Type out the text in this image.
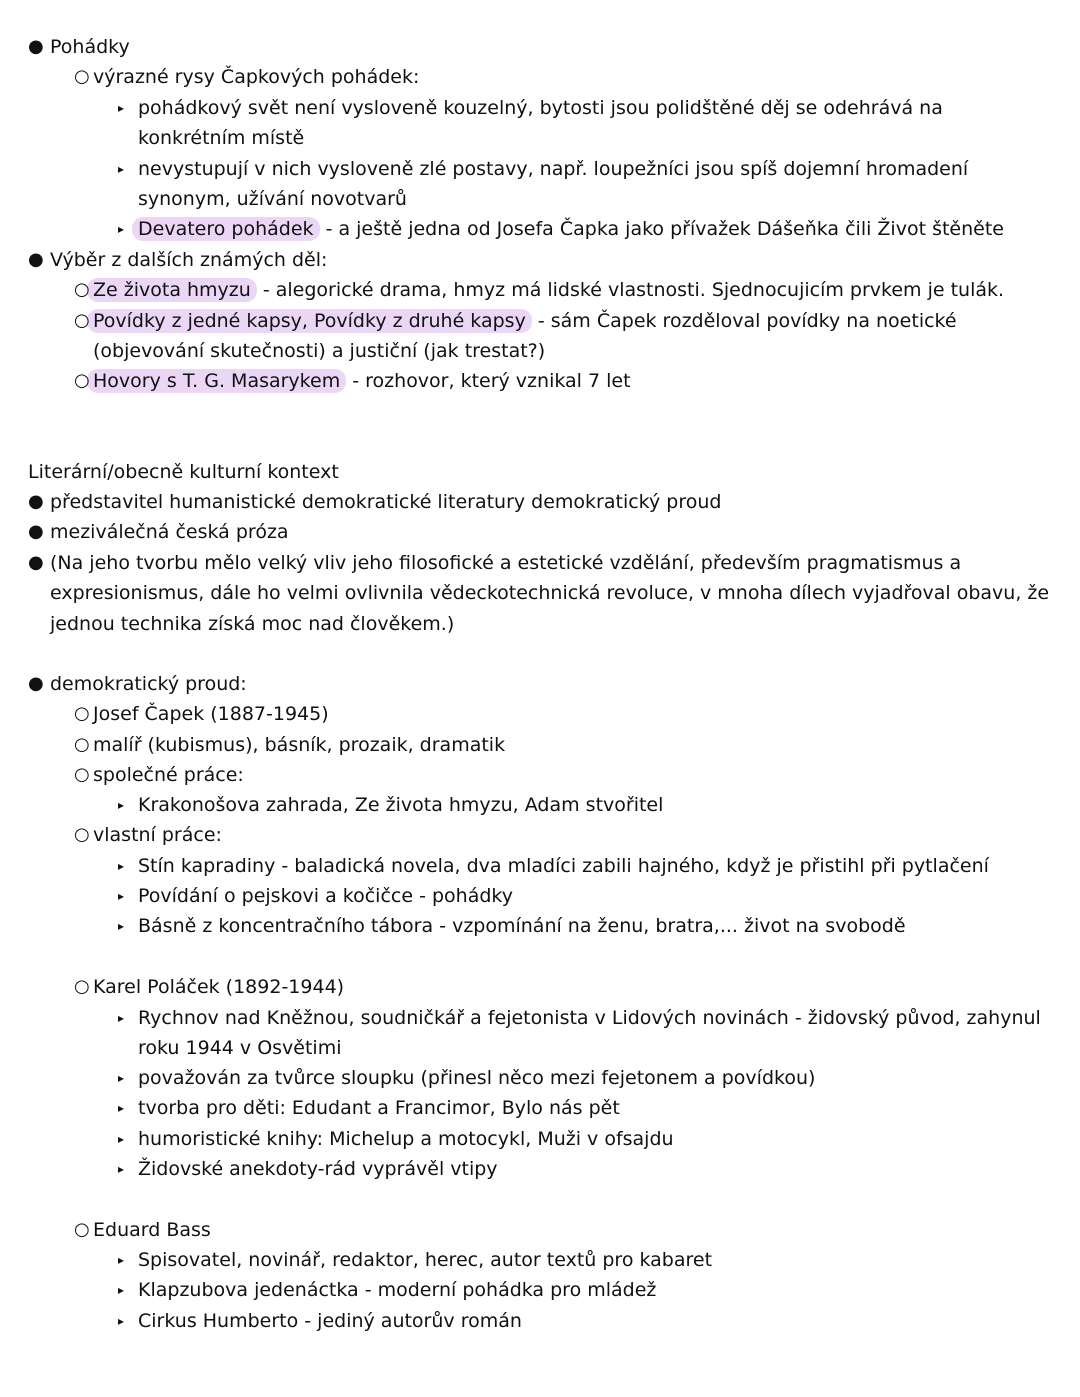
● Pohádky
○ výrazné rysy Čapkových pohádek:
▸ pohádkový svět není vysloveně kouzelný, bytosti jsou polidštěné děj se odehrává na
konkrétním místě
▸ nevystupují v nich vysloveně zlé postavy, např. loupežníci jsou spíš dojemní hromadení
synonym, užívání novotvarů
▸ Devatero pohádek - a ještě jedna od Josefa Čapka jako přívažek Dášeňka čili Život štěněte
● Výběr z dalších známých děl:
○ Ze života hmyzu - alegorické drama, hmyz má lidské vlastnosti. Sjednocujicím prvkem je tulák.
○ Povídky z jedné kapsy, Povídky z druhé kapsy - sám Čapek rozděloval povídky na noetické
(objevování skutečnosti) a justiční (jak trestat?)
○ Hovory s T. G. Masarykem - rozhovor, který vznikal 7 let
Literární/obecně kulturní kontext
● představitel humanistické demokratické literatury demokratický proud
● meziválečná česká próza
● (Na jeho tvorbu mělo velký vliv jeho filosofické a estetické vzdělání, především pragmatismus a
expresionismus, dále ho velmi ovlivnila vědeckotechnická revoluce, v mnoha dílech vyjadřoval obavu, že
jednou technika získá moc nad člověkem.)
● demokratický proud:
○ Josef Čapek (1887-1945)
○ malíř (kubismus), básník, prozaik, dramatik
○ společné práce:
▸ Krakonošova zahrada, Ze života hmyzu, Adam stvořitel
○ vlastní práce:
▸ Stín kapradiny - baladická novela, dva mladíci zabili hajného, když je přistihl při pytlačení
▸ Povídání o pejskovi a kočičce - pohádky
▸ Básně z koncentračního tábora - vzpomínání na ženu, bratra,... život na svobodě
○ Karel Poláček (1892-1944)
▸ Rychnov nad Kněžnou, soudničkář a fejetonista v Lidových novinách - židovský původ, zahynul
roku 1944 v Osvětimi
▸ považován za tvůrce sloupku (přinesl něco mezi fejetonem a povídkou)
▸ tvorba pro děti: Edudant a Francimor, Bylo nás pět
▸ humoristické knihy: Michelup a motocykl, Muži v ofsajdu
▸ Židovské anekdoty-rád vyprávěl vtipy
○ Eduard Bass
▸ Spisovatel, novinář, redaktor, herec, autor textů pro kabaret
▸ Klapzubova jedenáctka - moderní pohádka pro mládež
▸ Cirkus Humberto - jediný autorův román
